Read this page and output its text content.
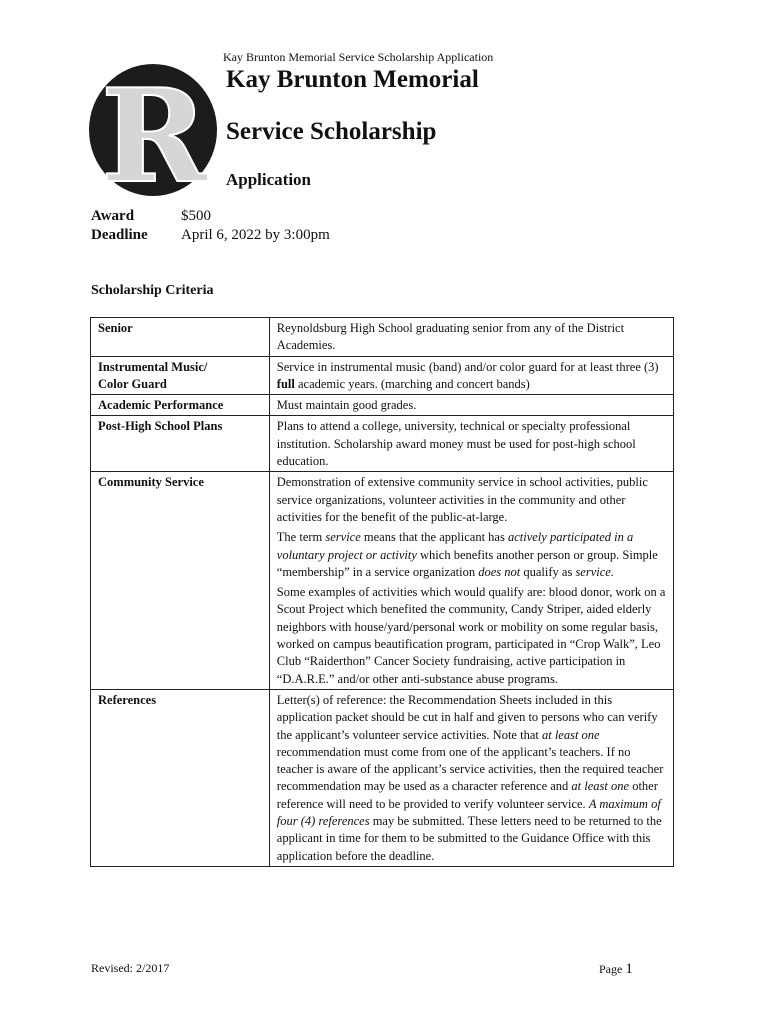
Kay Brunton Memorial Service Scholarship Application
R Kay Brunton Memorial
Service Scholarship
Application
Award	$500
Deadline April 6, 2022 by 3:00pm
Scholarship Criteria
Senior	Reynoldsburg High School graduating senior from any of the District Academies.
Instrumental Music/
Color Guard	Service in instrumental music (band) and/or color guard for at least three (3) full academic years. (marching and concert bands)
Academic Performance	Must maintain good grades.
Post-High School Plans	Plans to attend a college, university, technical or specialty professional institution. Scholarship award money must be used for post-high school education.
Community Service	Demonstration of extensive community service in school activities, public service organizations, volunteer activities in the community and other activities for the benefit of the public-at-large.

The term service means that the applicant has actively participated in a voluntary project or activity which benefits another person or group. Simple “membership” in a service organization does not qualify as service.

Some examples of activities which would qualify are: blood donor, work on a Scout Project which benefited the community, Candy Striper, aided elderly neighbors with house/yard/personal work or mobility on some regular basis, worked on campus beautification program, participated in “Crop Walk”, Leo Club “Raiderthon” Cancer Society fundraising, active participation in “D.A.R.E.” and/or other anti-substance abuse programs.

References	Letter(s) of reference: the Recommendation Sheets included in this application packet should be cut in half and given to persons who can verify the applicant’s volunteer service activities. Note that at least one recommendation must come from one of the applicant’s teachers. If no teacher is aware of the applicant’s service activities, then the required teacher recommendation may be used as a character reference and at least one other reference will need to be provided to verify volunteer service. A maximum of four (4) references may be submitted. These letters need to be returned to the applicant in time for them to be submitted to the Guidance Office with this application before the deadline.
Revised: 2/2017	Page 1
